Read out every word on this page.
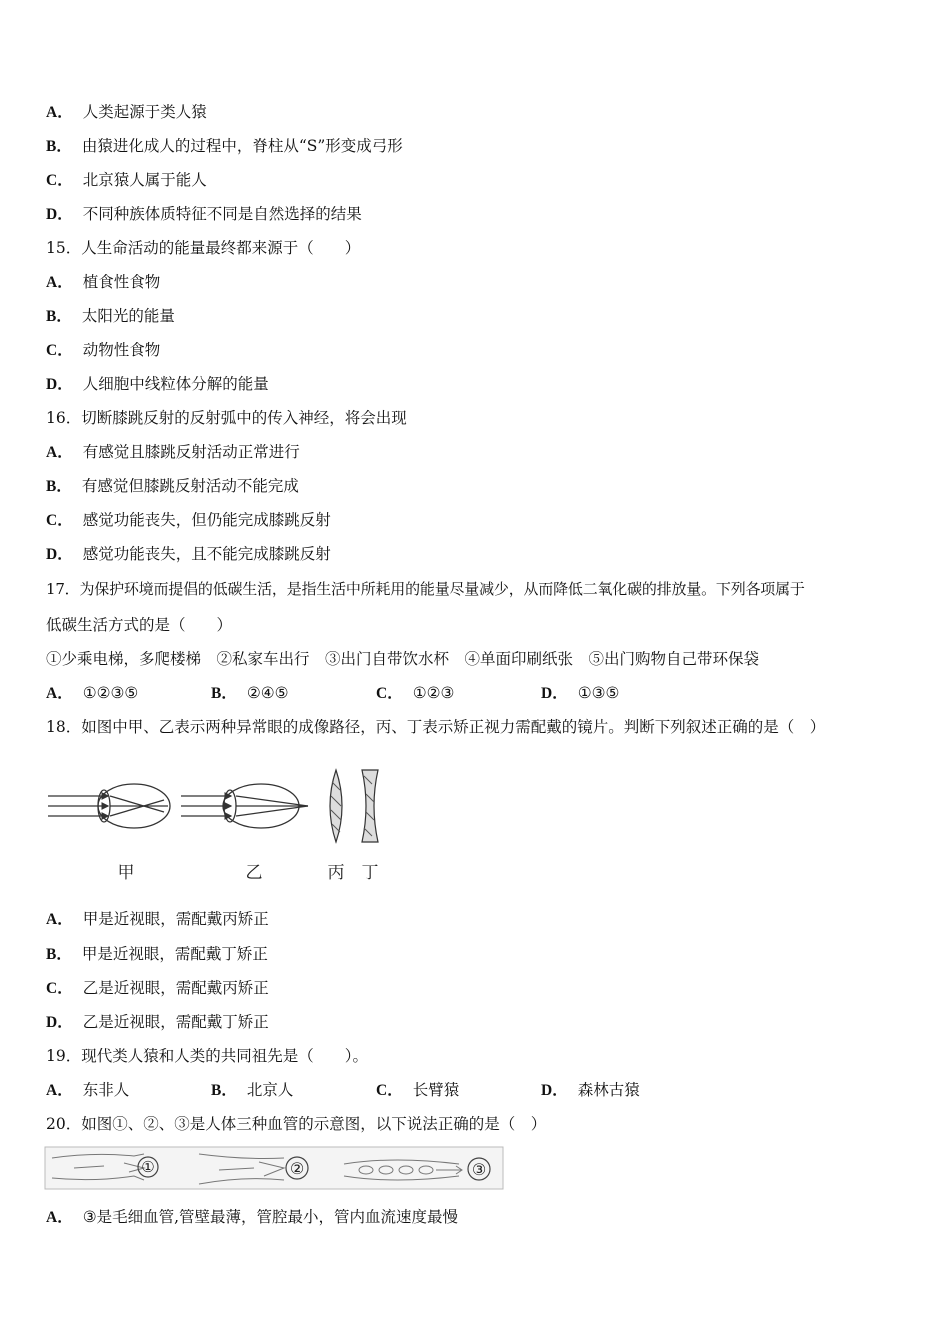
A． 人类起源于类人猿
B． 由猿进化成人的过程中，脊柱从“S”形变成弓形
C． 北京猿人属于能人
D． 不同种族体质特征不同是自然选择的结果
15．人生命活动的能量最终都来源于（　　）
A． 植食性食物
B． 太阳光的能量
C． 动物性食物
D． 人细胞中线粒体分解的能量
16．切断膝跳反射的反射弧中的传入神经，将会出现
A． 有感觉且膝跳反射活动正常进行
B． 有感觉但膝跳反射活动不能完成
C． 感觉功能丧失，但仍能完成膝跳反射
D． 感觉功能丧失，且不能完成膝跳反射
17．为保护环境而提倡的低碳生活，是指生活中所耗用的能量尽量减少，从而降低二氧化碳的排放量。下列各项属于
低碳生活方式的是（　　）
①少乘电梯，多爬楼梯　②私家车出行　③出门自带饮水杯　④单面印刷纸张　⑤出门购物自己带环保袋
A． ①②③⑤	B． ②④⑤	C． ①②③	D． ①③⑤
18．如图中甲、乙表示两种异常眼的成像路径，丙、丁表示矫正视力需配戴的镜片。判断下列叙述正确的是（　）
甲	乙	丙 丁
A． 甲是近视眼，需配戴丙矫正
B． 甲是近视眼，需配戴丁矫正
C． 乙是近视眼，需配戴丙矫正
D． 乙是近视眼，需配戴丁矫正
19．现代类人猿和人类的共同祖先是（　　）。
A． 东非人	B． 北京人	C． 长臂猿	D． 森林古猿
20．如图①、②、③是人体三种血管的示意图，以下说法正确的是（　）
①	②	③
A． ③是毛细血管,管壁最薄，管腔最小，管内血流速度最慢
